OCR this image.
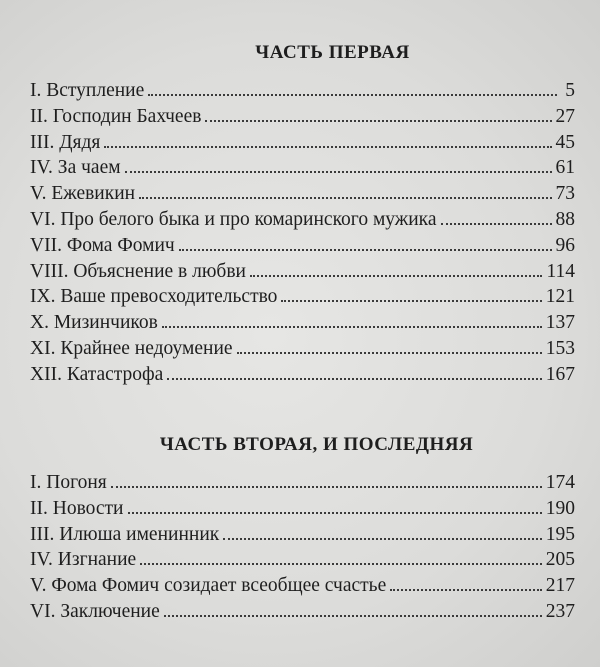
ЧАСТЬ ПЕРВАЯ
I. Вступление	5
II. Господин Бахчеев	27
III. Дядя	45
IV. За чаем	61
V. Ежевикин	73
VI. Про белого быка и про комаринского мужика	88
VII. Фома Фомич	96
VIII. Объяснение в любви	114
IX. Ваше превосходительство	121
X. Мизинчиков	137
XI. Крайнее недоумение	153
XII. Катастрофа	167
ЧАСТЬ ВТОРАЯ, И ПОСЛЕДНЯЯ
I. Погоня	174
II. Новости	190
III. Илюша именинник	195
IV. Изгнание	205
V. Фома Фомич созидает всеобщее счастье	217
VI. Заключение	237
